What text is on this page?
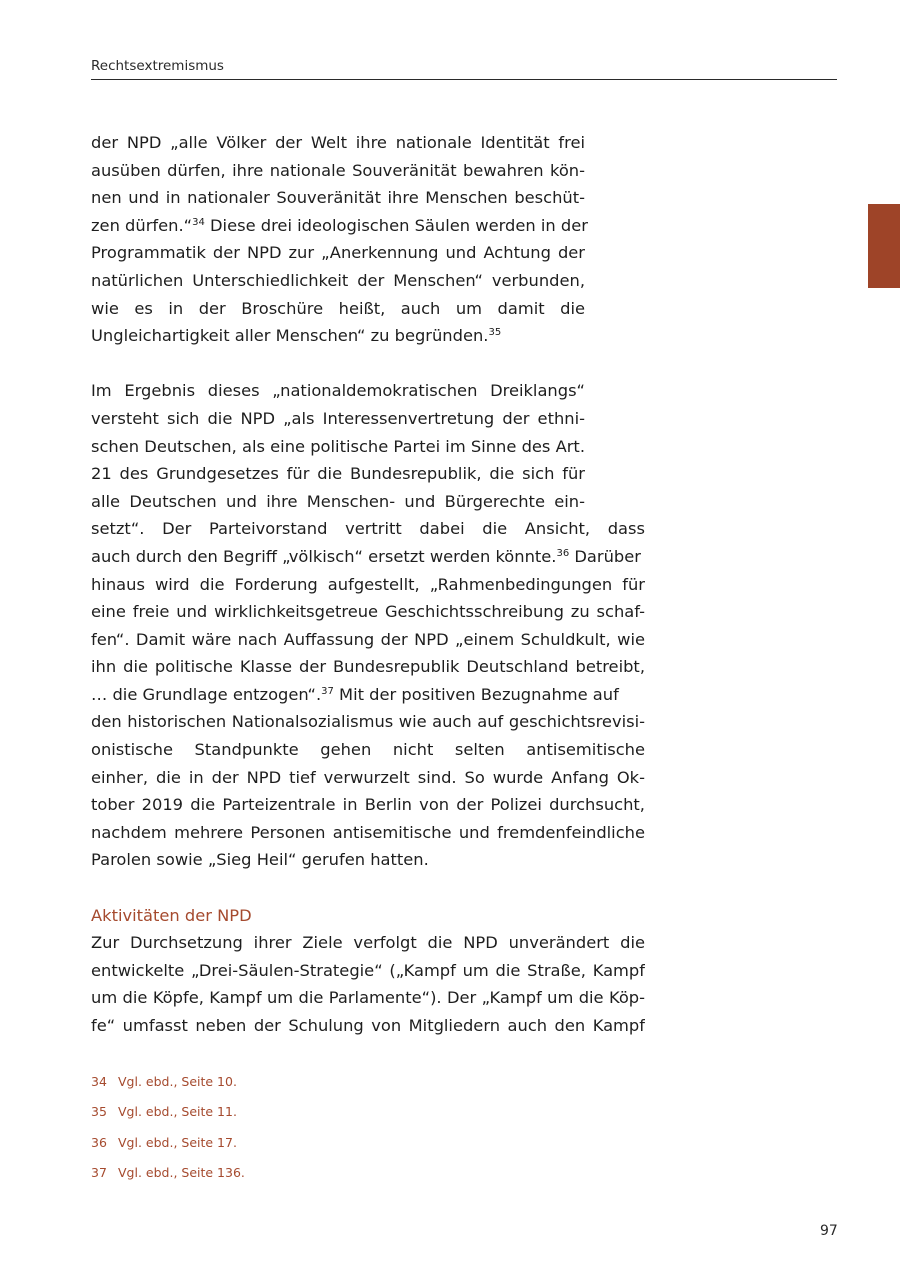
Rechtsextremismus
der NPD „alle Völker der Welt ihre nationale Identität frei
ausüben dürfen, ihre nationale Souveränität bewahren kön-
nen und in nationaler Souveränität ihre Menschen beschüt-
zen dürfen.“$^{34}$ Diese drei ideologischen Säulen werden in der
Programmatik der NPD zur „Anerkennung und Achtung der
natürlichen Unterschiedlichkeit der Menschen“ verbunden,
wie es in der Broschüre heißt, auch um damit die
Ungleichartigkeit aller Menschen“ zu begründen.$^{35}$
Im Ergebnis dieses „nationaldemokratischen Dreiklangs“
versteht sich die NPD „als Interessenvertretung der ethni-
schen Deutschen, als eine politische Partei im Sinne des Art.
21 des Grundgesetzes für die Bundesrepublik, die sich für
alle Deutschen und ihre Menschen- und Bürgerechte ein-
setzt“. Der Parteivorstand vertritt dabei die Ansicht, dass
auch durch den Begriff „völkisch“ ersetzt werden könnte.$^{36}$ Darüber
hinaus wird die Forderung aufgestellt, „Rahmenbedingungen für
eine freie und wirklichkeitsgetreue Geschichtsschreibung zu schaf-
fen“. Damit wäre nach Auffassung der NPD „einem Schuldkult, wie
ihn die politische Klasse der Bundesrepublik Deutschland betreibt,
… die Grundlage entzogen“.$^{37}$ Mit der positiven Bezugnahme auf
den historischen Nationalsozialismus wie auch auf geschichtsrevisi-
onistische Standpunkte gehen nicht selten antisemitische
einher, die in der NPD tief verwurzelt sind. So wurde Anfang Ok-
tober 2019 die Parteizentrale in Berlin von der Polizei durchsucht,
nachdem mehrere Personen antisemitische und fremdenfeindliche
Parolen sowie „Sieg Heil“ gerufen hatten.
Aktivitäten der NPD
Zur Durchsetzung ihrer Ziele verfolgt die NPD unverändert die
entwickelte „Drei-Säulen-Strategie“ („Kampf um die Straße, Kampf
um die Köpfe, Kampf um die Parlamente“). Der „Kampf um die Köp-
fe“ umfasst neben der Schulung von Mitgliedern auch den Kampf
34 Vgl. ebd., Seite 10.
35 Vgl. ebd., Seite 11.
36 Vgl. ebd., Seite 17.
37 Vgl. ebd., Seite 136.
97
